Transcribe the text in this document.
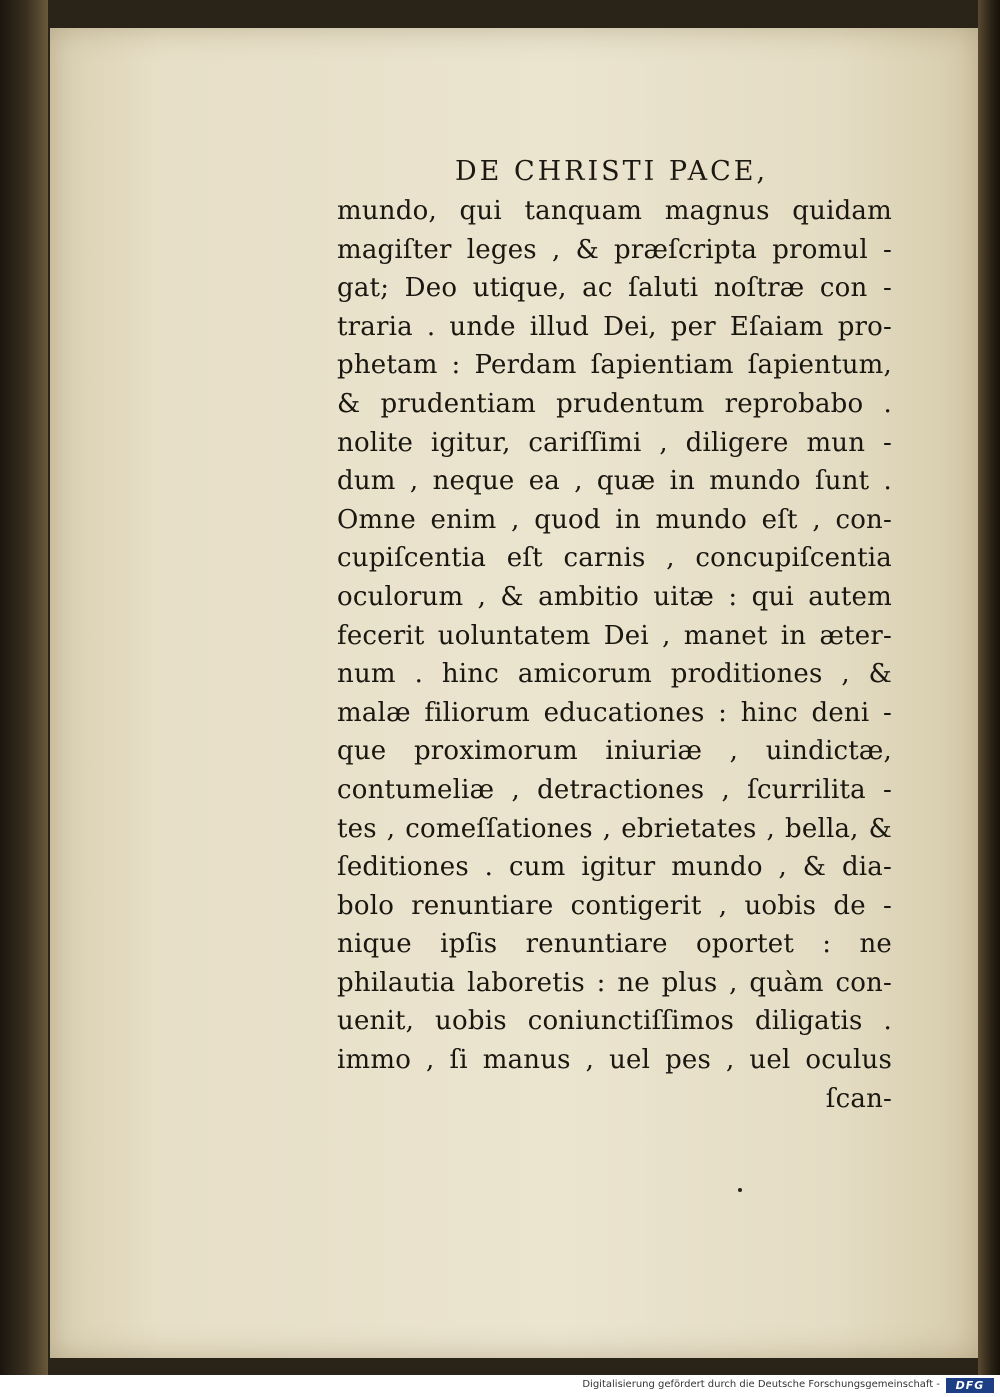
DE CHRISTI PACE,
mundo, qui tanquam magnus quidam
magiſter leges , & præſcripta promul -
gat; Deo utique, ac ſaluti noſtræ con -
traria . unde illud Dei, per Eſaiam pro-
phetam : Perdam ſapientiam ſapientum,
& prudentiam prudentum reprobabo .
nolite igitur, cariſſimi , diligere mun -
dum , neque ea , quæ in mundo ſunt .
Omne enim , quod in mundo eſt , con-
cupiſcentia eſt carnis , concupiſcentia
oculorum , & ambitio uitæ : qui autem
fecerit uoluntatem Dei , manet in æter-
num . hinc amicorum proditiones , &
malæ filiorum educationes : hinc deni -
que proximorum iniuriæ , uindictæ,
contumeliæ , detractiones , ſcurrilita -
tes , comeſſationes , ebrietates , bella, &
ſeditiones . cum igitur mundo , & dia-
bolo renuntiare contigerit , uobis de -
nique ipſis renuntiare oportet : ne
philautia laboretis : ne plus , quàm con-
uenit, uobis coniunctiſſimos diligatis .
immo , ſi manus , uel pes , uel oculus
ſcan-
Digitalisierung gefördert durch die Deutsche Forschungsgemeinschaft -	DFG
